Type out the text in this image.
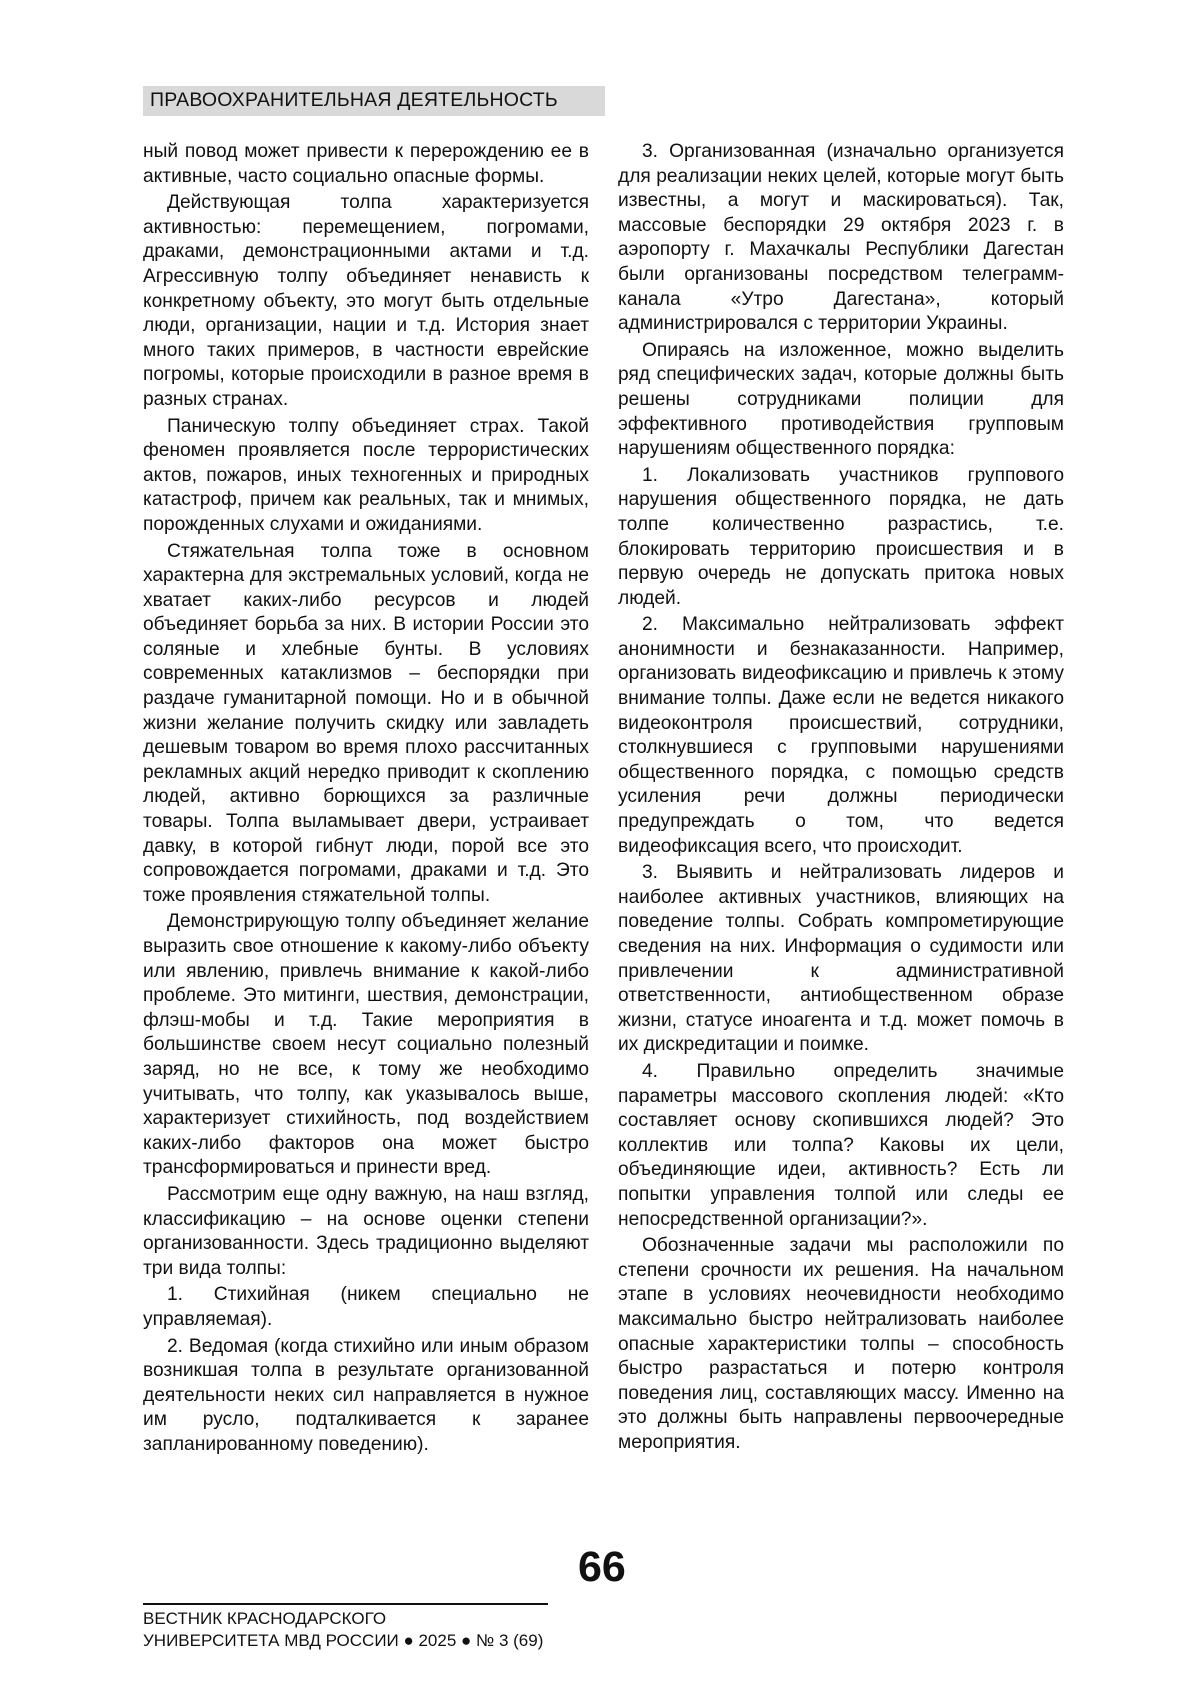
ПРАВООХРАНИТЕЛЬНАЯ ДЕЯТЕЛЬНОСТЬ

ный повод может привести к перерождению ее в активные, часто социально опасные формы.

Действующая толпа характеризуется активностью: перемещением, погромами, драками, демонстрационными актами и т.д. Агрессивную толпу объединяет ненависть к конкретному объекту, это могут быть отдельные люди, организации, нации и т.д. История знает много таких примеров, в частности еврейские погромы, которые происходили в разное время в разных странах.

Паническую толпу объединяет страх. Такой феномен проявляется после террористических актов, пожаров, иных техногенных и природных катастроф, причем как реальных, так и мнимых, порожденных слухами и ожиданиями.

Стяжательная толпа тоже в основном характерна для экстремальных условий, когда не хватает каких-либо ресурсов и людей объединяет борьба за них. В истории России это соляные и хлебные бунты. В условиях современных катаклизмов – беспорядки при раздаче гуманитарной помощи. Но и в обычной жизни желание получить скидку или завладеть дешевым товаром во время плохо рассчитанных рекламных акций нередко приводит к скоплению людей, активно борющихся за различные товары. Толпа выламывает двери, устраивает давку, в которой гибнут люди, порой все это сопровождается погромами, драками и т.д. Это тоже проявления стяжательной толпы.

Демонстрирующую толпу объединяет желание выразить свое отношение к какому-либо объекту или явлению, привлечь внимание к какой-либо проблеме. Это митинги, шествия, демонстрации, флэш-мобы и т.д. Такие мероприятия в большинстве своем несут социально полезный заряд, но не все, к тому же необходимо учитывать, что толпу, как указывалось выше, характеризует стихийность, под воздействием каких-либо факторов она может быстро трансформироваться и принести вред.

Рассмотрим еще одну важную, на наш взгляд, классификацию – на основе оценки степени организованности. Здесь традиционно выделяют три вида толпы:

1. Стихийная (никем специально не управляемая).

2. Ведомая (когда стихийно или иным образом возникшая толпа в результате организованной деятельности неких сил направляется в нужное им русло, подталкивается к заранее запланированному поведению).

3. Организованная (изначально организуется для реализации неких целей, которые могут быть известны, а могут и маскироваться). Так, массовые беспорядки 29 октября 2023 г. в аэропорту г. Махачкалы Республики Дагестан были организованы посредством телеграмм-канала «Утро Дагестана», который администрировался с территории Украины.

Опираясь на изложенное, можно выделить ряд специфических задач, которые должны быть решены сотрудниками полиции для эффективного противодействия групповым нарушениям общественного порядка:

1. Локализовать участников группового нарушения общественного порядка, не дать толпе количественно разрастись, т.е. блокировать территорию происшествия и в первую очередь не допускать притока новых людей.

2. Максимально нейтрализовать эффект анонимности и безнаказанности. Например, организовать видеофиксацию и привлечь к этому внимание толпы. Даже если не ведется никакого видеоконтроля происшествий, сотрудники, столкнувшиеся с групповыми нарушениями общественного порядка, с помощью средств усиления речи должны периодически предупреждать о том, что ведется видеофиксация всего, что происходит.

3. Выявить и нейтрализовать лидеров и наиболее активных участников, влияющих на поведение толпы. Собрать компрометирующие сведения на них. Информация о судимости или привлечении к административной ответственности, антиобщественном образе жизни, статусе иноагента и т.д. может помочь в их дискредитации и поимке.

4. Правильно определить значимые параметры массового скопления людей: «Кто составляет основу скопившихся людей? Это коллектив или толпа? Каковы их цели, объединяющие идеи, активность? Есть ли попытки управления толпой или следы ее непосредственной организации?».

Обозначенные задачи мы расположили по степени срочности их решения. На начальном этапе в условиях неочевидности необходимо максимально быстро нейтрализовать наиболее опасные характеристики толпы – способность быстро разрастаться и потерю контроля поведения лиц, составляющих массу. Именно на это должны быть направлены первоочередные мероприятия.

66
ВЕСТНИК КРАСНОДАРСКОГО
УНИВЕРСИТЕТА МВД РОССИИ ● 2025 ● № 3 (69)
